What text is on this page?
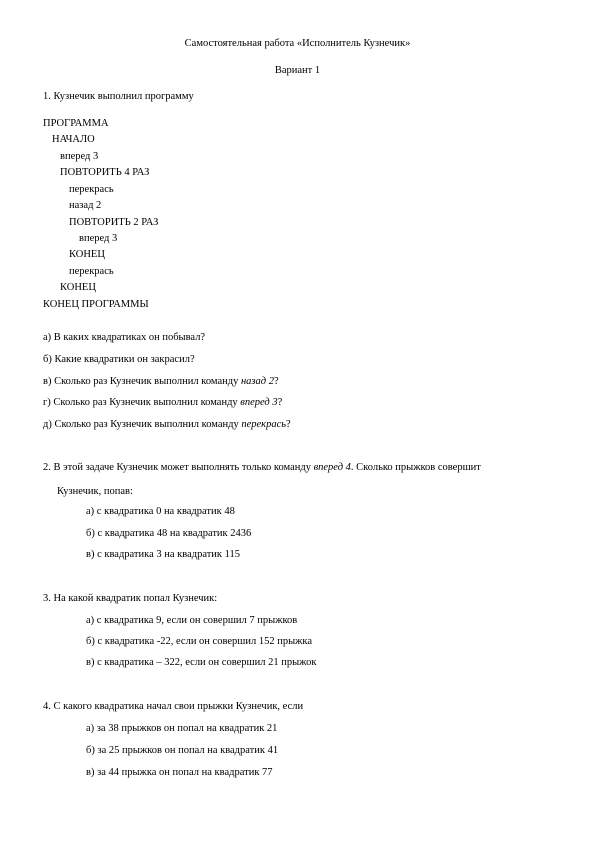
Самостоятельная работа «Исполнитель Кузнечик»
Вариант 1
1. Кузнечик выполнил программу
ПРОГРАММА
НАЧАЛО
вперед 3
ПОВТОРИТЬ 4 РАЗ
перекрась
назад 2
ПОВТОРИТЬ 2 РАЗ
вперед 3
КОНЕЦ
перекрась
КОНЕЦ
КОНЕЦ ПРОГРАММЫ
а) В каких квадратиках он побывал?
б) Какие квадратики он закрасил?
в) Сколько раз Кузнечик выполнил команду назад 2?
г) Сколько раз Кузнечик выполнил команду вперед 3?
д) Сколько раз Кузнечик выполнил команду перекрась?
2. В этой задаче Кузнечик может выполнять только команду вперед 4. Сколько прыжков совершит
Кузнечик, попав:
а) с квадратика 0 на квадратик 48
б) с квадратика 48 на квадратик 2436
в) с квадратика 3 на квадратик 115
3. На какой квадратик попал Кузнечик:
а) с квадратика 9, если он совершил 7 прыжков
б) с квадратика -22, если он совершил 152 прыжка
в) с квадратика – 322, если он совершил 21 прыжок
4. С какого квадратика начал свои прыжки Кузнечик, если
а) за 38 прыжков он попал на квадратик 21
б) за 25 прыжков он попал на квадратик 41
в) за 44 прыжка он попал на квадратик 77
